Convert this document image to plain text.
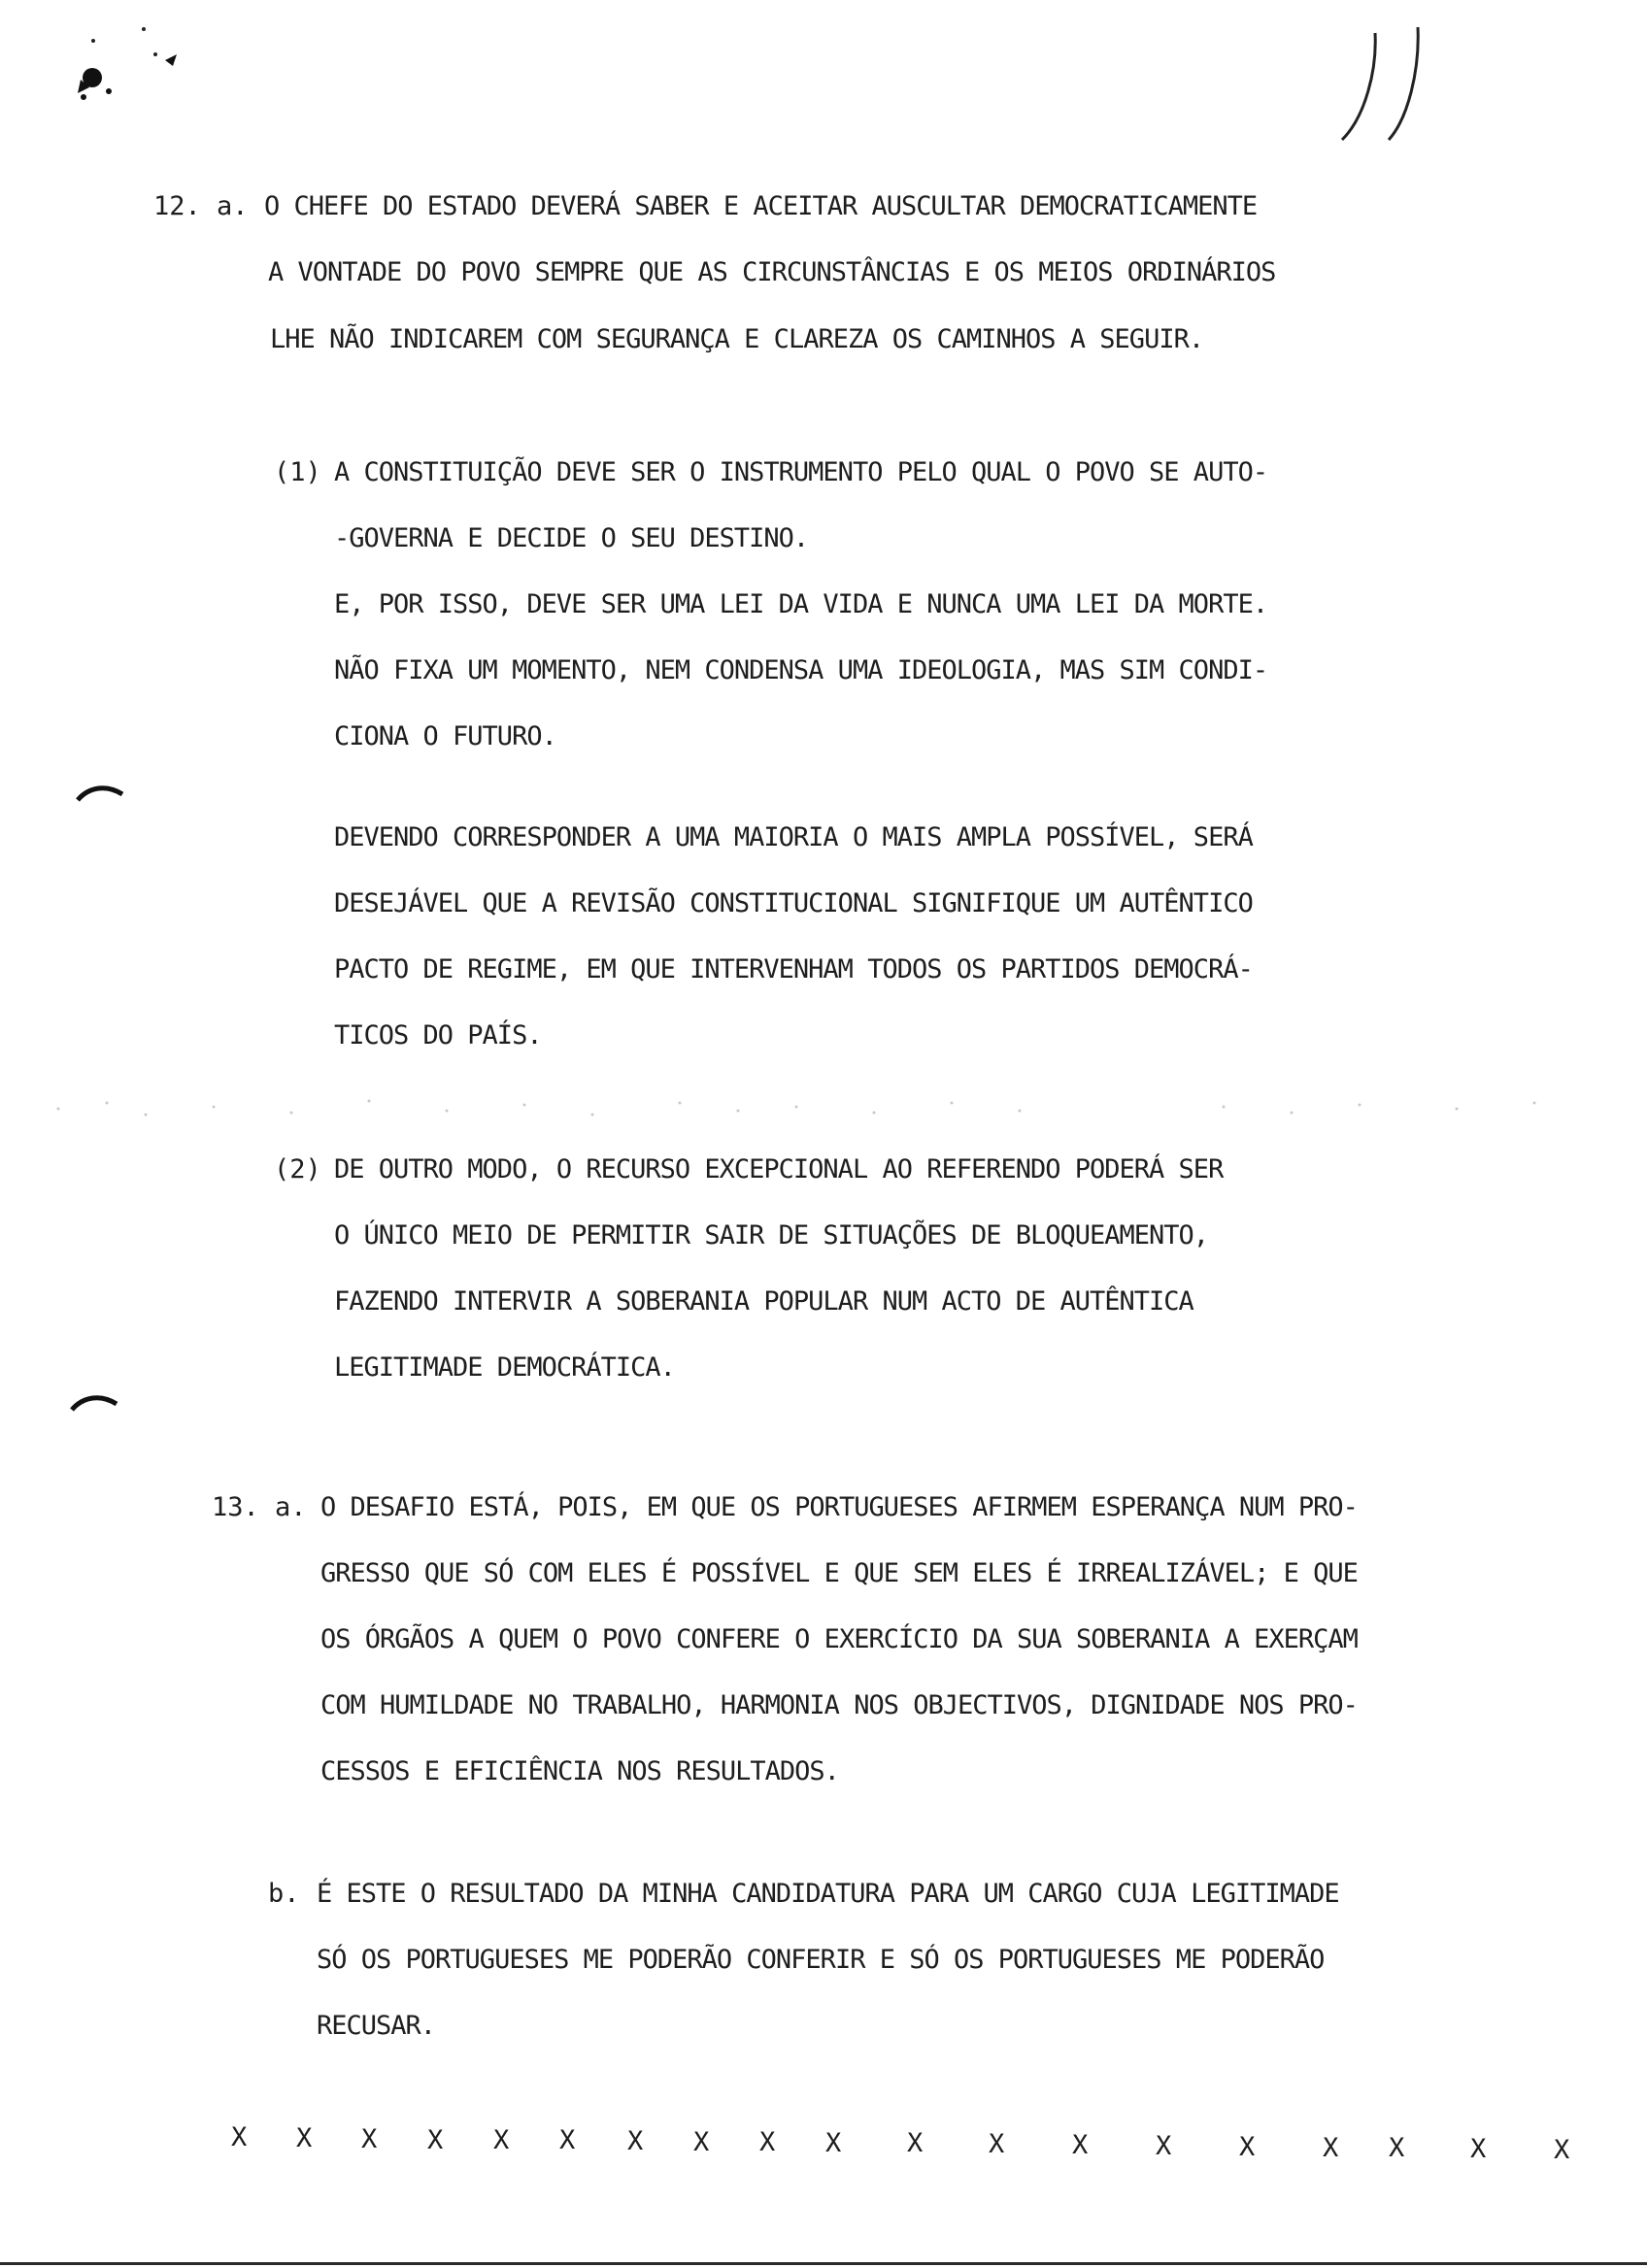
12. a. O CHEFE DO ESTADO DEVERÁ SABER E ACEITAR AUSCULTAR DEMOCRATICAMENTE
A VONTADE DO POVO SEMPRE QUE AS CIRCUNSTÂNCIAS E OS MEIOS ORDINÁRIOS
LHE NÃO INDICAREM COM SEGURANÇA E CLAREZA OS CAMINHOS A SEGUIR.
(1) A CONSTITUIÇÃO DEVE SER O INSTRUMENTO PELO QUAL O POVO SE AUTO-
-GOVERNA E DECIDE O SEU DESTINO.
E, POR ISSO, DEVE SER UMA LEI DA VIDA E NUNCA UMA LEI DA MORTE.
NÃO FIXA UM MOMENTO, NEM CONDENSA UMA IDEOLOGIA, MAS SIM CONDI-
CIONA O FUTURO.
DEVENDO CORRESPONDER A UMA MAIORIA O MAIS AMPLA POSSÍVEL, SERÁ
DESEJÁVEL QUE A REVISÃO CONSTITUCIONAL SIGNIFIQUE UM AUTÊNTICO
PACTO DE REGIME, EM QUE INTERVENHAM TODOS OS PARTIDOS DEMOCRÁ-
TICOS DO PAÍS.
(2) DE OUTRO MODO, O RECURSO EXCEPCIONAL AO REFERENDO PODERÁ SER
O ÚNICO MEIO DE PERMITIR SAIR DE SITUAÇÕES DE BLOQUEAMENTO,
FAZENDO INTERVIR A SOBERANIA POPULAR NUM ACTO DE AUTÊNTICA
LEGITIMADE DEMOCRÁTICA.
13. a. O DESAFIO ESTÁ, POIS, EM QUE OS PORTUGUESES AFIRMEM ESPERANÇA NUM PRO-
GRESSO QUE SÓ COM ELES É POSSÍVEL E QUE SEM ELES É IRREALIZÁVEL; E QUE
OS ÓRGÃOS A QUEM O POVO CONFERE O EXERCÍCIO DA SUA SOBERANIA A EXERÇAM
COM HUMILDADE NO TRABALHO, HARMONIA NOS OBJECTIVOS, DIGNIDADE NOS PRO-
CESSOS E EFICIÊNCIA NOS RESULTADOS.
b. É ESTE O RESULTADO DA MINHA CANDIDATURA PARA UM CARGO CUJA LEGITIMADE
SÓ OS PORTUGUESES ME PODERÃO CONFERIR E SÓ OS PORTUGUESES ME PODERÃO
RECUSAR.
X X X X X X X X X X	X	X	X	X	X	X X	X	X
